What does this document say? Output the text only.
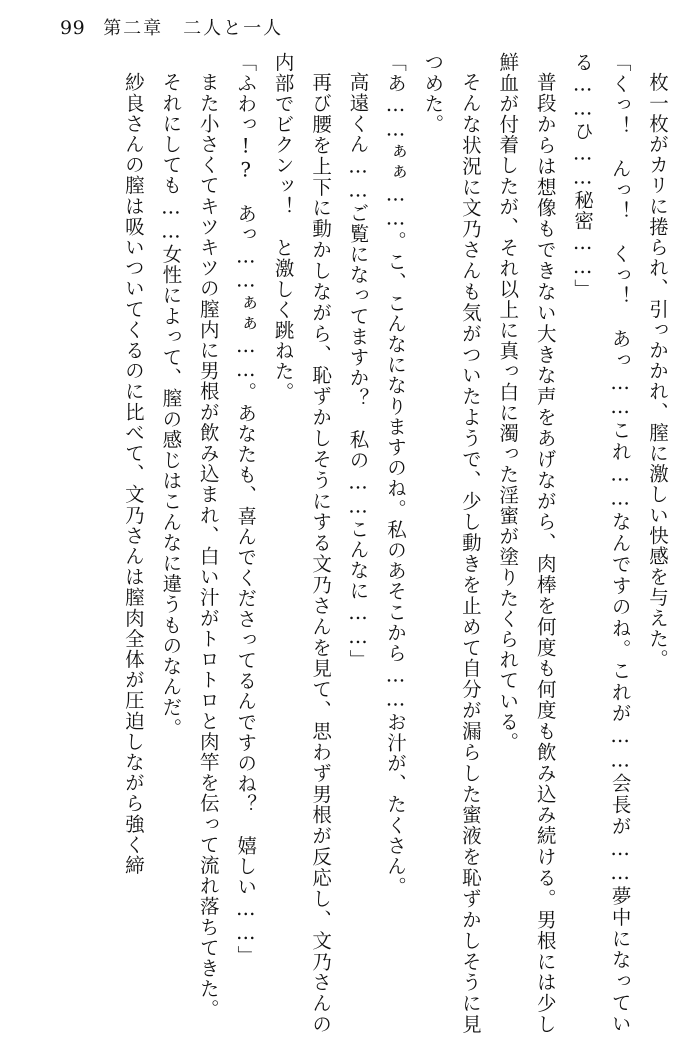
99 第二章　二人と一人

枚一枚がカリに捲られ、引っかかれ、膣に激しい快感を与えた。

「くっ！　んっ！　くっ！　あっ……これ……なんですのね。これが……会長が……夢中になっている……ひ……秘密……」

普段からは想像もできない大きな声をあげながら、肉棒を何度も何度も飲み込み続ける。男根には少し鮮血が付着したが、それ以上に真っ白に濁った淫蜜が塗りたくられている。

そんな状況に文乃さんも気がついたようで、少し動きを止めて自分が漏らした蜜液を恥ずかしそうに見つめた。

「あ……ぁぁ……。こ、こんなになりますのね。私のあそこから……お汁が、たくさん。

高遠くん……ご覧になってますか？　私の……こんなに……」

再び腰を上下に動かしながら、恥ずかしそうにする文乃さんを見て、思わず男根が反応し、文乃さんの内部でビクンッ！　と激しく跳ねた。

「ふわっ!?　あっ……ぁぁ……。あなたも、喜んでくださってるんですのね？　嬉しい……」

また小さくてキツキツの膣内に男根が飲み込まれ、白い汁がトロトロと肉竿を伝って流れ落ちてきた。

それにしても……女性によって、膣の感じはこんなに違うものなんだ。

紗良さんの膣は吸いついてくるのに比べて、文乃さんは膣肉全体が圧迫しながら強く締
